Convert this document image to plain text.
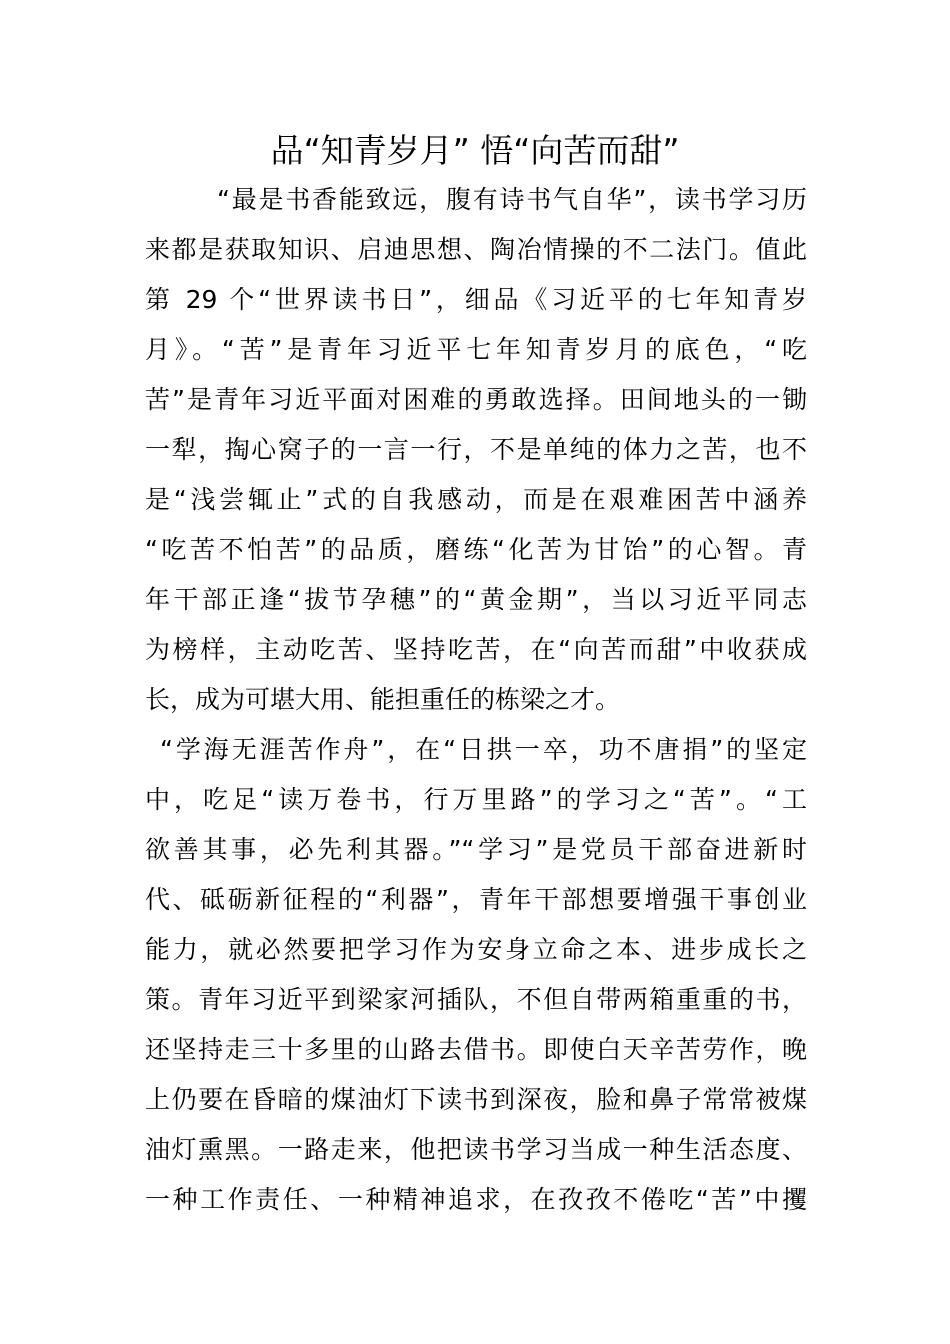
品“知青岁月” 悟“向苦而甜”

“最是书香能致远，腹有诗书气自华”，读书学习历

来都是获取知识、启迪思想、陶冶情操的不二法门。值此

第 29 个“世界读书日”，细品《习近平的七年知青岁

月》。“苦”是青年习近平七年知青岁月的底色，“吃

苦”是青年习近平面对困难的勇敢选择。田间地头的一锄

一犁，掏心窝子的一言一行，不是单纯的体力之苦，也不

是“浅尝辄止”式的自我感动，而是在艰难困苦中涵养

“吃苦不怕苦”的品质，磨练“化苦为甘饴”的心智。青

年干部正逢“拔节孕穗”的“黄金期”，当以习近平同志

为榜样，主动吃苦、坚持吃苦，在“向苦而甜”中收获成

长，成为可堪大用、能担重任的栋梁之才。

“学海无涯苦作舟”，在“日拱一卒，功不唐捐”的坚定

中，吃足“读万卷书，行万里路”的学习之“苦”。“工

欲善其事，必先利其器。”“学习”是党员干部奋进新时

代、砥砺新征程的“利器”，青年干部想要增强干事创业

能力，就必然要把学习作为安身立命之本、进步成长之

策。青年习近平到梁家河插队，不但自带两箱重重的书，

还坚持走三十多里的山路去借书。即使白天辛苦劳作，晚

上仍要在昏暗的煤油灯下读书到深夜，脸和鼻子常常被煤

油灯熏黑。一路走来，他把读书学习当成一种生活态度、

一种工作责任、一种精神追求，在孜孜不倦吃“苦”中攫
